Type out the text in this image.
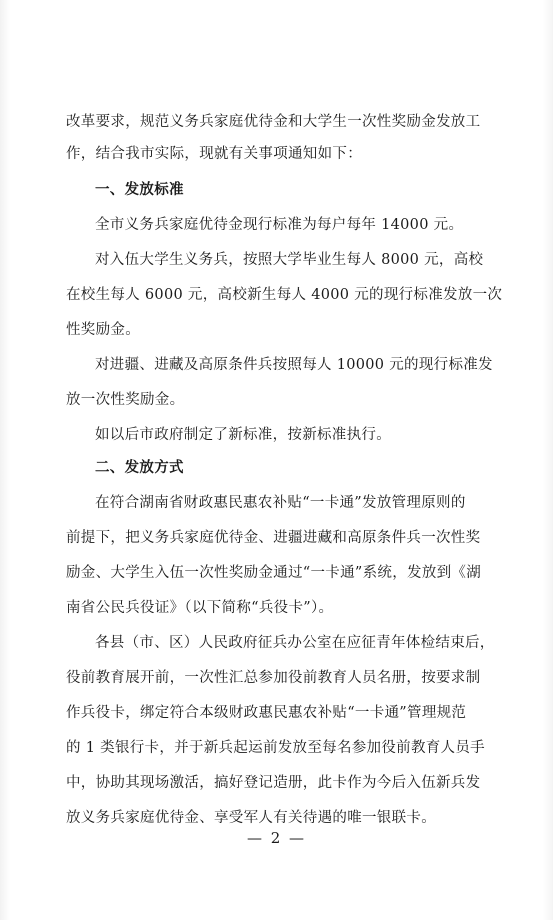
改革要求，规范义务兵家庭优待金和大学生一次性奖励金发放工
作，结合我市实际，现就有关事项通知如下：
一、发放标准
全市义务兵家庭优待金现行标准为每户每年 14000 元。
对入伍大学生义务兵，按照大学毕业生每人 8000 元，高校
在校生每人 6000 元，高校新生每人 4000 元的现行标准发放一次
性奖励金。
对进疆、进藏及高原条件兵按照每人 10000 元的现行标准发
放一次性奖励金。
如以后市政府制定了新标准，按新标准执行。
二、发放方式
在符合湖南省财政惠民惠农补贴“一卡通”发放管理原则的
前提下，把义务兵家庭优待金、进疆进藏和高原条件兵一次性奖
励金、大学生入伍一次性奖励金通过“一卡通”系统，发放到《湖
南省公民兵役证》（以下简称“兵役卡”）。
各县（市、区）人民政府征兵办公室在应征青年体检结束后，
役前教育展开前，一次性汇总参加役前教育人员名册，按要求制
作兵役卡，绑定符合本级财政惠民惠农补贴“一卡通”管理规范
的 1 类银行卡，并于新兵起运前发放至每名参加役前教育人员手
中，协助其现场激活，搞好登记造册，此卡作为今后入伍新兵发
放义务兵家庭优待金、享受军人有关待遇的唯一银联卡。
— 2 —
